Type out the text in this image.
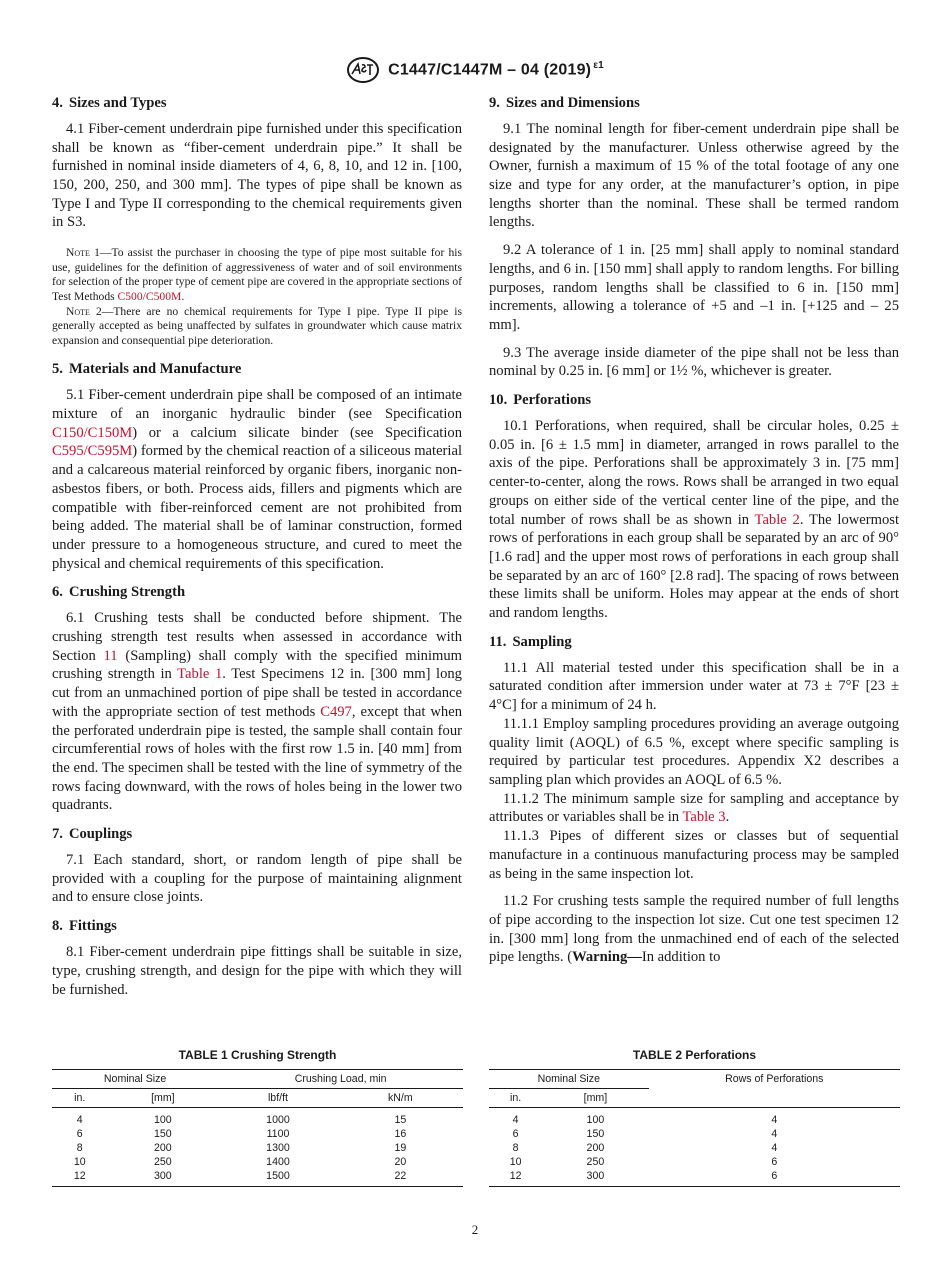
C1447/C1447M – 04 (2019) $^{\varepsilon 1}$
4. Sizes and Types

4.1 Fiber-cement underdrain pipe furnished under this specification shall be known as “fiber-cement underdrain pipe.” It shall be furnished in nominal inside diameters of 4, 6, 8, 10, and 12 in. [100, 150, 200, 250, and 300 mm]. The types of pipe shall be known as Type I and Type II corresponding to the chemical requirements given in S3.

Note 1—To assist the purchaser in choosing the type of pipe most suitable for his use, guidelines for the definition of aggressiveness of water and of soil environments for selection of the proper type of cement pipe are covered in the appropriate sections of Test Methods C500/C500M.

Note 2—There are no chemical requirements for Type I pipe. Type II pipe is generally accepted as being unaffected by sulfates in groundwater which cause matrix expansion and consequential pipe deterioration.

5. Materials and Manufacture

5.1 Fiber-cement underdrain pipe shall be composed of an intimate mixture of an inorganic hydraulic binder (see Specification C150/C150M) or a calcium silicate binder (see Specification C595/C595M) formed by the chemical reaction of a siliceous material and a calcareous material reinforced by organic fibers, inorganic non-asbestos fibers, or both. Process aids, fillers and pigments which are compatible with fiber-reinforced cement are not prohibited from being added. The material shall be of laminar construction, formed under pressure to a homogeneous structure, and cured to meet the physical and chemical requirements of this specification.

6. Crushing Strength

6.1 Crushing tests shall be conducted before shipment. The crushing strength test results when assessed in accordance with Section 11 (Sampling) shall comply with the specified minimum crushing strength in Table 1. Test Specimens 12 in. [300 mm] long cut from an unmachined portion of pipe shall be tested in accordance with the appropriate section of test methods C497, except that when the perforated underdrain pipe is tested, the sample shall contain four circumferential rows of holes with the first row 1.5 in. [40 mm] from the end. The specimen shall be tested with the line of symmetry of the rows facing downward, with the rows of holes being in the lower two quadrants.

7. Couplings

7.1 Each standard, short, or random length of pipe shall be provided with a coupling for the purpose of maintaining alignment and to ensure close joints.

8. Fittings

8.1 Fiber-cement underdrain pipe fittings shall be suitable in size, type, crushing strength, and design for the pipe with which they will be furnished.

9. Sizes and Dimensions

9.1 The nominal length for fiber-cement underdrain pipe shall be designated by the manufacturer. Unless otherwise agreed by the Owner, furnish a maximum of 15 % of the total footage of any one size and type for any order, at the manufacturer’s option, in pipe lengths shorter than the nominal. These shall be termed random lengths.

9.2 A tolerance of 1 in. [25 mm] shall apply to nominal standard lengths, and 6 in. [150 mm] shall apply to random lengths. For billing purposes, random lengths shall be classified to 6 in. [150 mm] increments, allowing a tolerance of +5 and –1 in. [+125 and – 25 mm].

9.3 The average inside diameter of the pipe shall not be less than nominal by 0.25 in. [6 mm] or 1½ %, whichever is greater.

10. Perforations

10.1 Perforations, when required, shall be circular holes, 0.25 ± 0.05 in. [6 ± 1.5 mm] in diameter, arranged in rows parallel to the axis of the pipe. Perforations shall be approximately 3 in. [75 mm] center-to-center, along the rows. Rows shall be arranged in two equal groups on either side of the vertical center line of the pipe, and the total number of rows shall be as shown in Table 2. The lowermost rows of perforations in each group shall be separated by an arc of 90° [1.6 rad] and the upper most rows of perforations in each group shall be separated by an arc of 160° [2.8 rad]. The spacing of rows between these limits shall be uniform. Holes may appear at the ends of short and random lengths.

11. Sampling

11.1 All material tested under this specification shall be in a saturated condition after immersion under water at 73 ± 7°F [23 ± 4°C] for a minimum of 24 h.

11.1.1 Employ sampling procedures providing an average outgoing quality limit (AOQL) of 6.5 %, except where specific sampling is required by particular test procedures. Appendix X2 describes a sampling plan which provides an AOQL of 6.5 %.

11.1.2 The minimum sample size for sampling and acceptance by attributes or variables shall be in Table 3.

11.1.3 Pipes of different sizes or classes but of sequential manufacture in a continuous manufacturing process may be sampled as being in the same inspection lot.

11.2 For crushing tests sample the required number of full lengths of pipe according to the inspection lot size. Cut one test specimen 12 in. [300 mm] long from the unmachined end of each of the selected pipe lengths. (Warning—In addition to

TABLE 1 Crushing Strength
Nominal Size		Crushing Load, min	
in.	[mm]	lbf/ft	kN/m
4	100	1000	15
6	150	1100	16
8	200	1300	19
10	250	1400	20
12	300	1500	22
TABLE 2 Perforations
Nominal Size		Rows of Perforations
in.	[mm]	
4	100	4
6	150	4
8	200	4
10	250	6
12	300	6
2
